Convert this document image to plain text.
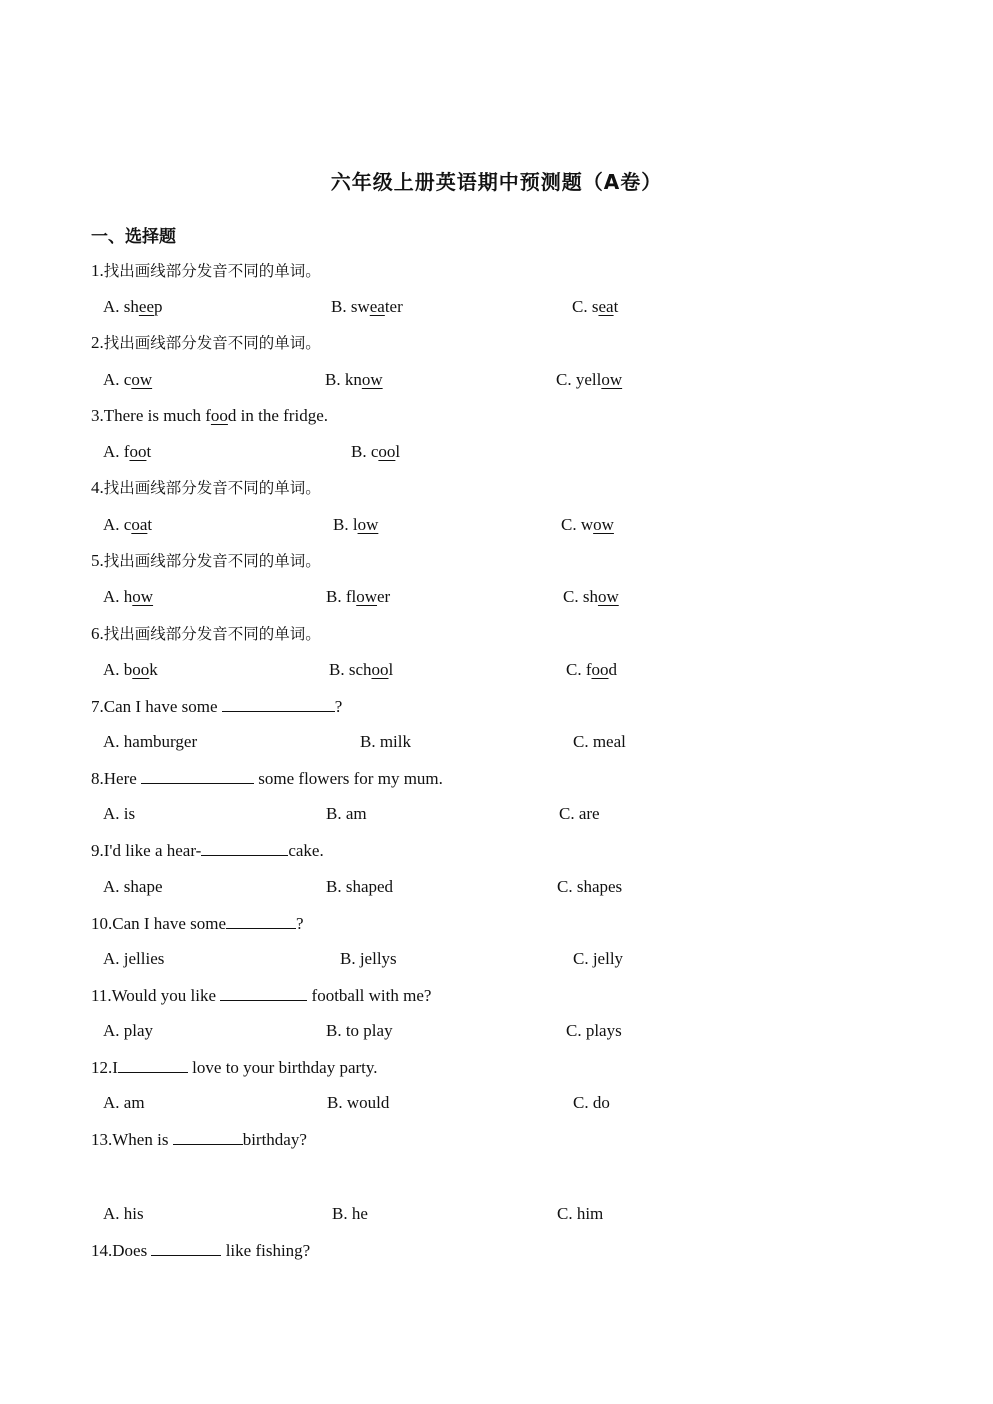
六年级上册英语期中预测题（A卷）
一、选择题
1.找出画线部分发音不同的单词。
A. sheep	B. sweater	C. seat
2.找出画线部分发音不同的单词。
A. cow	B. know	C. yellow
3.There is much food in the fridge.
A. foot	B. cool
4.找出画线部分发音不同的单词。
A. coat	B. low	C. wow
5.找出画线部分发音不同的单词。
A. how	B. flower	C. show
6.找出画线部分发音不同的单词。
A. book	B. school	C. food
7.Can I have some	?
A. hamburger	B. milk	C. meal
8.Here	some flowers for my mum.
A. is	B. am	C. are
9.I'd like a hear-	cake.
A. shape	B. shaped	C. shapes
10.Can I have some	?
A. jellies	B. jellys	C. jelly
11.Would you like	football with me?
A. play	B. to play	C. plays
12.I	love to your birthday party.
A. am	B. would	C. do
13.When is	birthday?
A. his	B. he	C. him
14.Does	like fishing?
